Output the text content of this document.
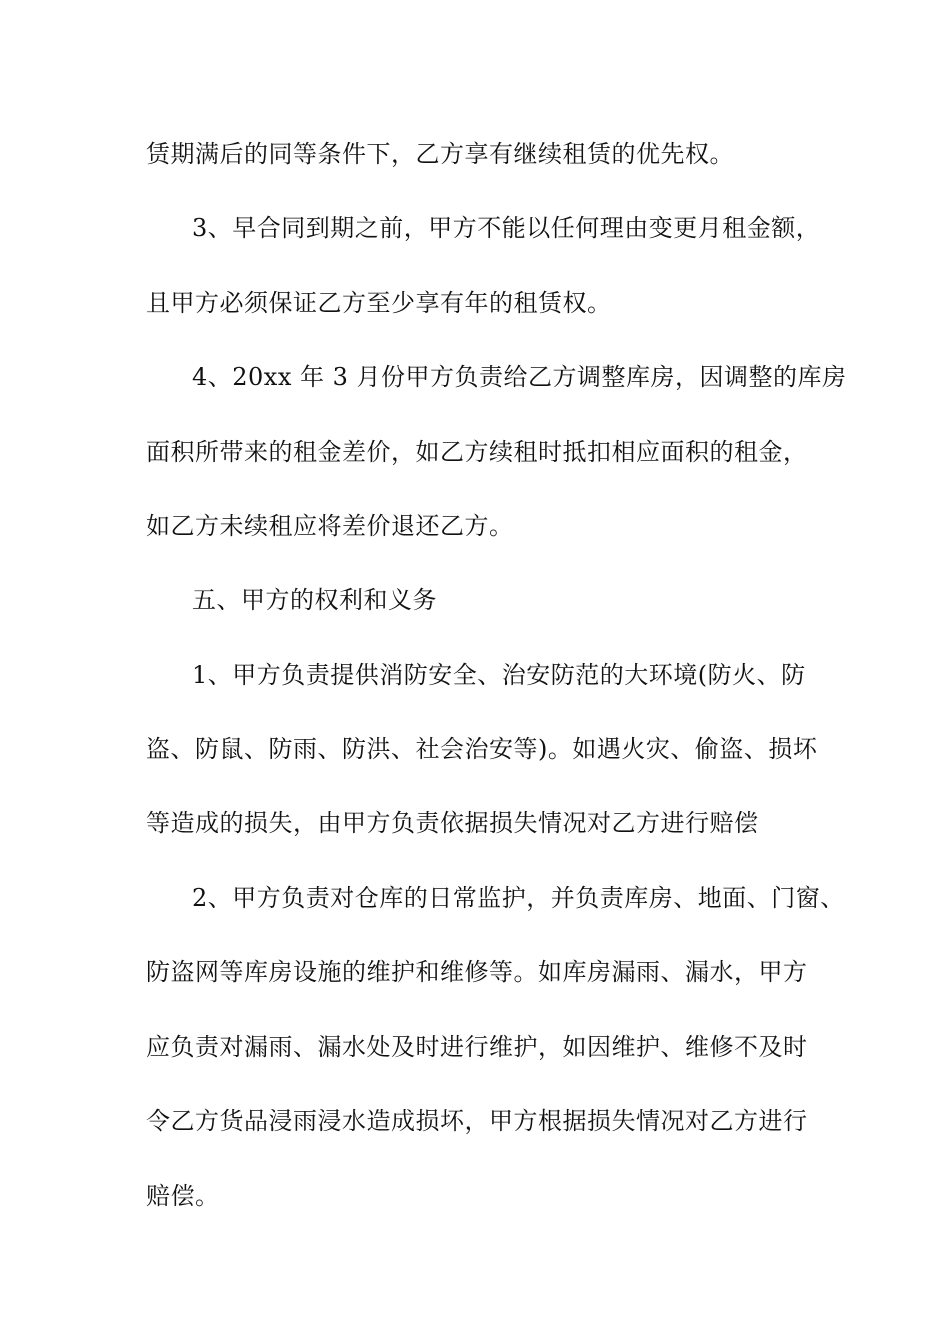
赁期满后的同等条件下，乙方享有继续租赁的优先权。

3、早合同到期之前，甲方不能以任何理由变更月租金额，

且甲方必须保证乙方至少享有年的租赁权。

4、20xx 年 3 月份甲方负责给乙方调整库房，因调整的库房

面积所带来的租金差价，如乙方续租时抵扣相应面积的租金，

如乙方未续租应将差价退还乙方。

五、甲方的权利和义务

1、甲方负责提供消防安全、治安防范的大环境(防火、防

盗、防鼠、防雨、防洪、社会治安等)。如遇火灾、偷盗、损坏

等造成的损失，由甲方负责依据损失情况对乙方进行赔偿

2、甲方负责对仓库的日常监护，并负责库房、地面、门窗、

防盗网等库房设施的维护和维修等。如库房漏雨、漏水，甲方

应负责对漏雨、漏水处及时进行维护，如因维护、维修不及时

令乙方货品浸雨浸水造成损坏，甲方根据损失情况对乙方进行

赔偿。
